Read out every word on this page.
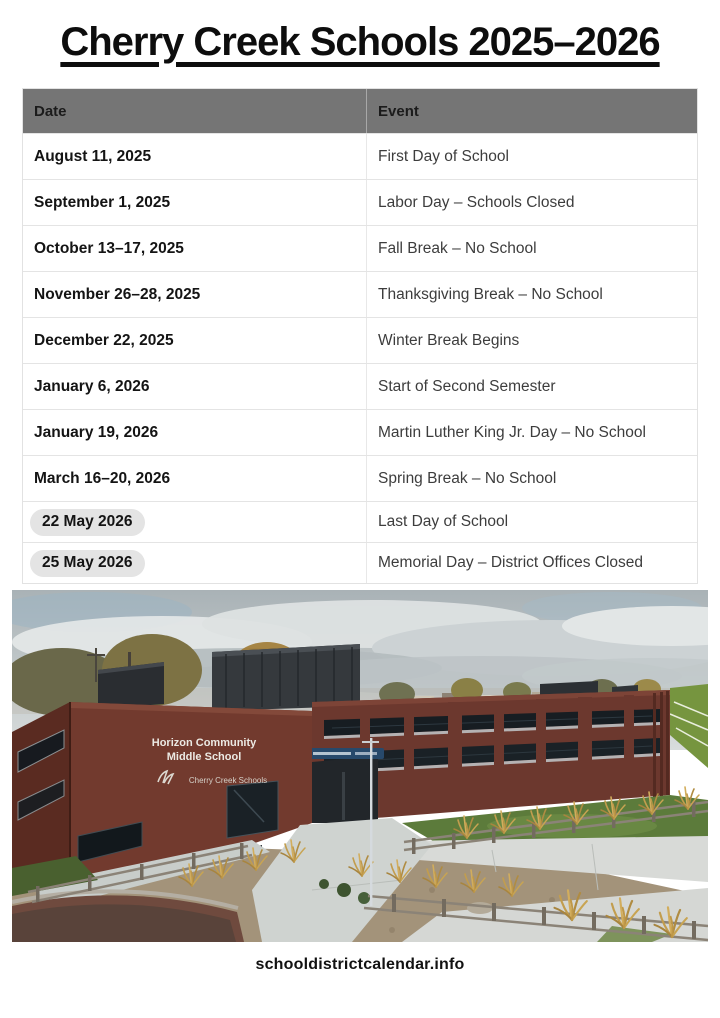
Cherry Creek Schools 2025–2026
Date	Event
August 11, 2025	First Day of School
September 1, 2025	Labor Day – Schools Closed
October 13–17, 2025	Fall Break – No School
November 26–28, 2025	Thanksgiving Break – No School
December 22, 2025	Winter Break Begins
January 6, 2026	Start of Second Semester
January 19, 2026	Martin Luther King Jr. Day – No School
March 16–20, 2026	Spring Break – No School
22 May 2026	Last Day of School
25 May 2026	Memorial Day – District Offices Closed
Horizon Community
Middle School
Cherry Creek Schools
schooldistrictcalendar.info
